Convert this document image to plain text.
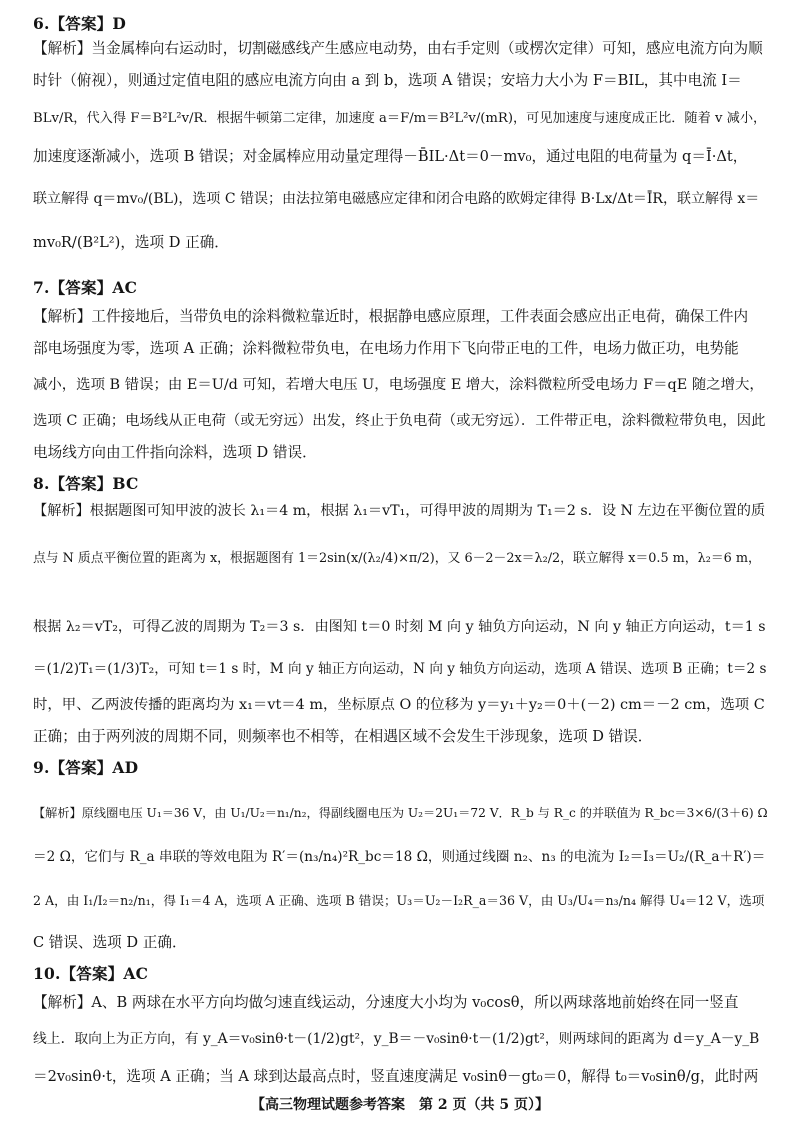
6.【答案】D
【解析】当金属棒向右运动时，切割磁感线产生感应电动势，由右手定则（或楞次定律）可知，感应电流方向为顺
时针（俯视），则通过定值电阻的感应电流方向由 a 到 b，选项 A 错误；安培力大小为 F＝BIL，其中电流 I＝
BLv/R，代入得 F＝B²L²v/R．根据牛顿第二定律，加速度 a＝F/m＝B²L²v/(mR)，可见加速度与速度成正比．随着 v 减小，
加速度逐渐减小，选项 B 错误；对金属棒应用动量定理得－B̄IL·Δt＝0－mv₀，通过电阻的电荷量为 q＝Ī·Δt，
联立解得 q＝mv₀/(BL)，选项 C 错误；由法拉第电磁感应定律和闭合电路的欧姆定律得 B·Lx/Δt＝ĪR，联立解得 x＝
mv₀R/(B²L²)，选项 D 正确．
7.【答案】AC
【解析】工件接地后，当带负电的涂料微粒靠近时，根据静电感应原理，工件表面会感应出正电荷，确保工件内
部电场强度为零，选项 A 正确；涂料微粒带负电，在电场力作用下飞向带正电的工件，电场力做正功，电势能
减小，选项 B 错误；由 E＝U/d 可知，若增大电压 U，电场强度 E 增大，涂料微粒所受电场力 F＝qE 随之增大，
选项 C 正确；电场线从正电荷（或无穷远）出发，终止于负电荷（或无穷远）．工件带正电，涂料微粒带负电，因此
电场线方向由工件指向涂料，选项 D 错误．
8.【答案】BC
【解析】根据题图可知甲波的波长 λ₁＝4 m，根据 λ₁＝vT₁，可得甲波的周期为 T₁＝2 s．设 N 左边在平衡位置的质
点与 N 质点平衡位置的距离为 x，根据题图有 1＝2sin(x/(λ₂/4)×π/2)，又 6－2－2x＝λ₂/2，联立解得 x＝0.5 m，λ₂＝6 m，
根据 λ₂＝vT₂，可得乙波的周期为 T₂＝3 s．由图知 t＝0 时刻 M 向 y 轴负方向运动，N 向 y 轴正方向运动，t＝1 s
＝(1/2)T₁＝(1/3)T₂，可知 t＝1 s 时，M 向 y 轴正方向运动，N 向 y 轴负方向运动，选项 A 错误、选项 B 正确；t＝2 s
时，甲、乙两波传播的距离均为 x₁＝vt＝4 m，坐标原点 O 的位移为 y＝y₁＋y₂＝0＋(－2) cm＝－2 cm，选项 C
正确；由于两列波的周期不同，则频率也不相等，在相遇区域不会发生干涉现象，选项 D 错误．
9.【答案】AD
【解析】原线圈电压 U₁＝36 V，由 U₁/U₂＝n₁/n₂，得副线圈电压为 U₂＝2U₁＝72 V．R_b 与 R_c 的并联值为 R_bc＝3×6/(3＋6) Ω
＝2 Ω，它们与 R_a 串联的等效电阻为 R′＝(n₃/n₄)²R_bc＝18 Ω，则通过线圈 n₂、n₃ 的电流为 I₂＝I₃＝U₂/(R_a＋R′)＝
2 A，由 I₁/I₂＝n₂/n₁，得 I₁＝4 A，选项 A 正确、选项 B 错误；U₃＝U₂－I₂R_a＝36 V，由 U₃/U₄＝n₃/n₄ 解得 U₄＝12 V，选项
C 错误、选项 D 正确．
10.【答案】AC
【解析】A、B 两球在水平方向均做匀速直线运动，分速度大小均为 v₀cosθ，所以两球落地前始终在同一竖直
线上．取向上为正方向，有 y_A＝v₀sinθ·t－(1/2)gt²，y_B＝－v₀sinθ·t－(1/2)gt²，则两球间的距离为 d＝y_A－y_B
＝2v₀sinθ·t，选项 A 正确；当 A 球到达最高点时，竖直速度满足 v₀sinθ－gt₀＝0，解得 t₀＝v₀sinθ/g，此时两
【高三物理试题参考答案　第 2 页（共 5 页）】
